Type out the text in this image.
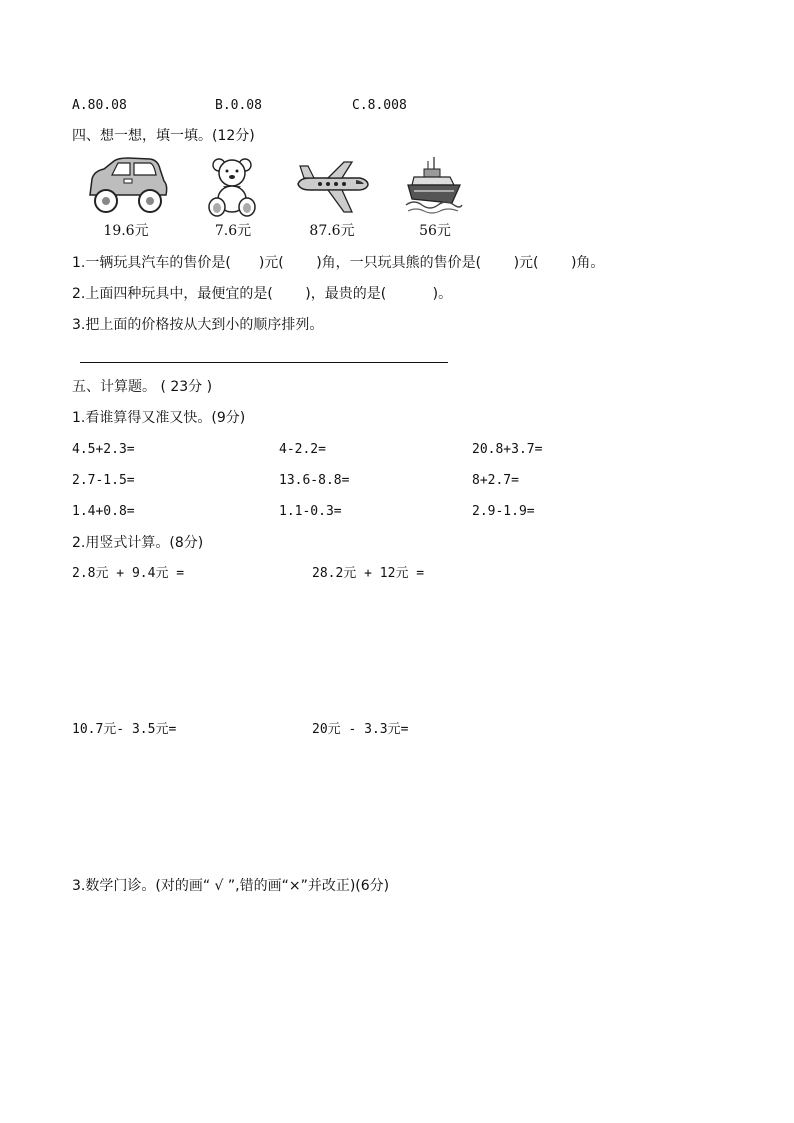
A.80.08	B.0.08	C.8.008
四、想一想，填一填。(12分)
19.6元	7.6元	87.6元	56元
1.一辆玩具汽车的售价是(　　)元(　　 )角，一只玩具熊的售价是(　　 )元(　　 )角。
2.上面四种玩具中，最便宜的是(　　 )，最贵的是(　　 　)。
3.把上面的价格按从大到小的顺序排列。
五、计算题。 ( 23分 )
1.看谁算得又准又快。(9分)
4.5+2.3=	4-2.2=	20.8+3.7=
2.7-1.5=	13.6-8.8=	8+2.7=
1.4+0.8=	1.1-0.3=	2.9-1.9=
2.用竖式计算。(8分)
2.8元 + 9.4元 =	28.2元 + 12元 =
10.7元- 3.5元=	20元 - 3.3元=
3.数学门诊。(对的画“ √ ”,错的画“×”并改正)(6分)
